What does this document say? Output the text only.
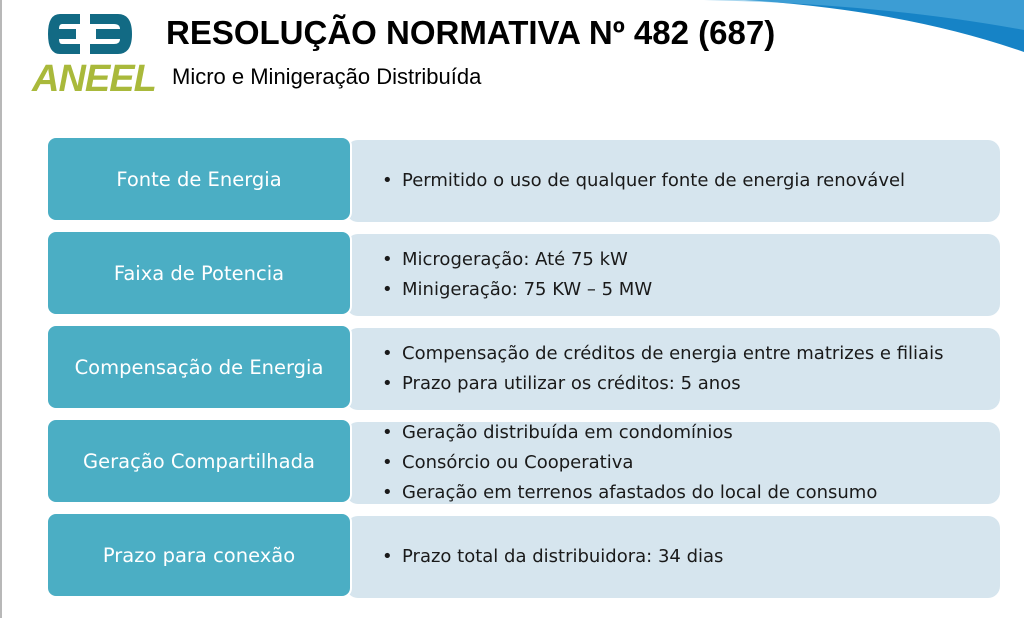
ANEEL
RESOLUÇÃO NORMATIVA Nº 482 (687)
Micro e Minigeração Distribuída
• Permitido o uso de qualquer fonte de energia renovável
Fonte de Energia
• Microgeração: Até 75 kW
• Minigeração: 75 KW – 5 MW
Faixa de Potencia
• Compensação de créditos de energia entre matrizes e filiais
• Prazo para utilizar os créditos: 5 anos
Compensação de Energia
• Geração distribuída em condomínios
• Consórcio ou Cooperativa
• Geração em terrenos afastados do local de consumo
Geração Compartilhada
• Prazo total da distribuidora: 34 dias
Prazo para conexão
